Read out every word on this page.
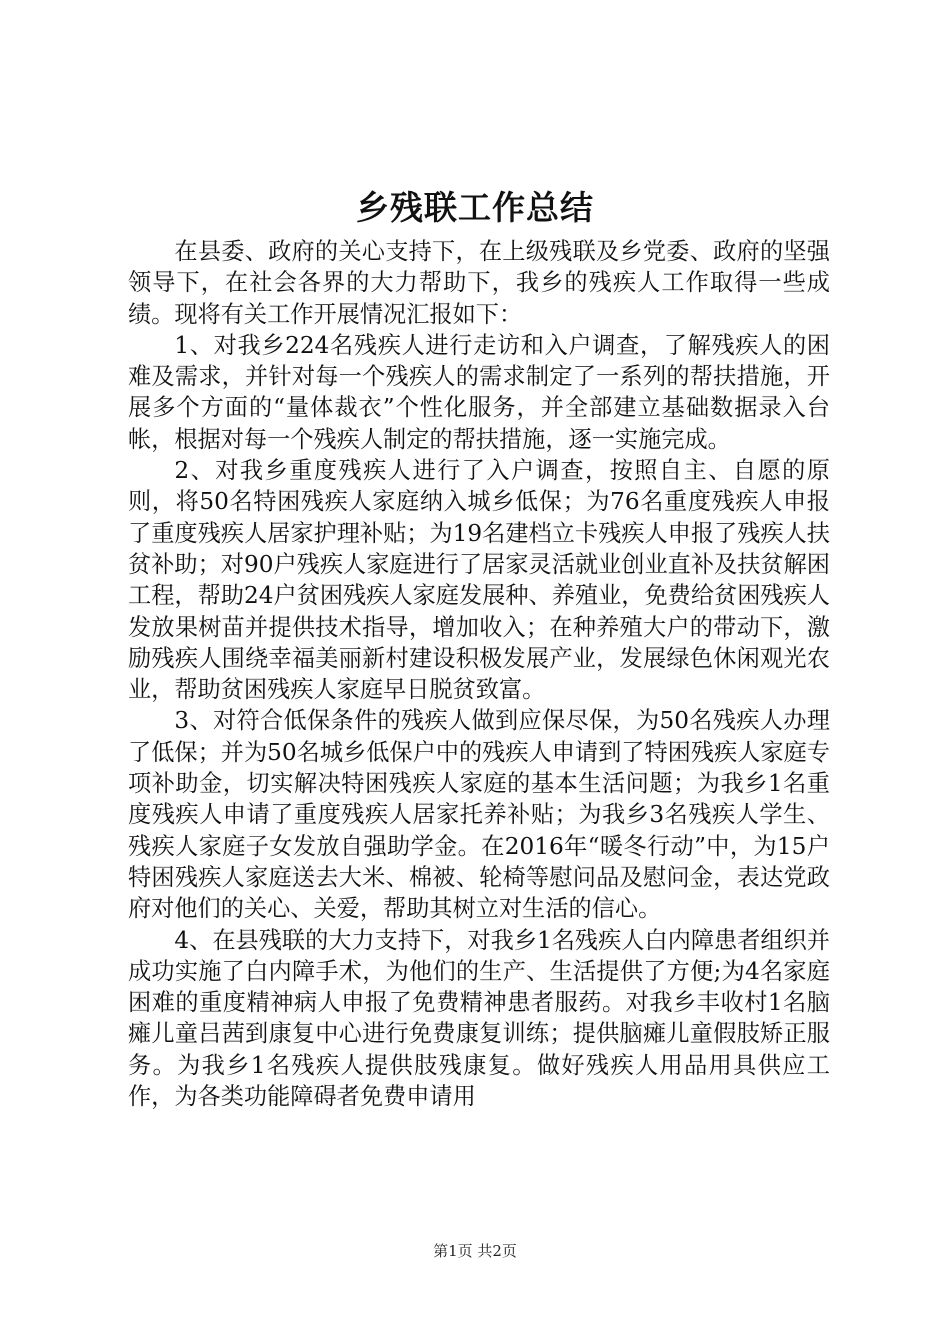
乡残联工作总结

在县委、政府的关心支持下，在上级残联及乡党委、政府的坚强领导下，在社会各界的大力帮助下，我乡的残疾人工作取得一些成绩。现将有关工作开展情况汇报如下：

1、对我乡224名残疾人进行走访和入户调查，了解残疾人的困难及需求，并针对每一个残疾人的需求制定了一系列的帮扶措施，开展多个方面的“量体裁衣”个性化服务，并全部建立基础数据录入台帐，根据对每一个残疾人制定的帮扶措施，逐一实施完成。

2、对我乡重度残疾人进行了入户调查，按照自主、自愿的原则，将50名特困残疾人家庭纳入城乡低保；为76名重度残疾人申报了重度残疾人居家护理补贴；为19名建档立卡残疾人申报了残疾人扶贫补助；对90户残疾人家庭进行了居家灵活就业创业直补及扶贫解困工程，帮助24户贫困残疾人家庭发展种、养殖业，免费给贫困残疾人发放果树苗并提供技术指导，增加收入；在种养殖大户的带动下，激励残疾人围绕幸福美丽新村建设积极发展产业，发展绿色休闲观光农业，帮助贫困残疾人家庭早日脱贫致富。

3、对符合低保条件的残疾人做到应保尽保，为50名残疾人办理了低保；并为50名城乡低保户中的残疾人申请到了特困残疾人家庭专项补助金，切实解决特困残疾人家庭的基本生活问题；为我乡1名重度残疾人申请了重度残疾人居家托养补贴；为我乡3名残疾人学生、残疾人家庭子女发放自强助学金。在2016年“暖冬行动”中，为15户特困残疾人家庭送去大米、棉被、轮椅等慰问品及慰问金，表达党政府对他们的关心、关爱，帮助其树立对生活的信心。

4、在县残联的大力支持下，对我乡1名残疾人白内障患者组织并成功实施了白内障手术，为他们的生产、生活提供了方便;为4名家庭困难的重度精神病人申报了免费精神患者服药。对我乡丰收村1名脑瘫儿童吕茜到康复中心进行免费康复训练；提供脑瘫儿童假肢矫正服务。为我乡1名残疾人提供肢残康复。做好残疾人用品用具供应工作，为各类功能障碍者免费申请用

第1页 共2页
